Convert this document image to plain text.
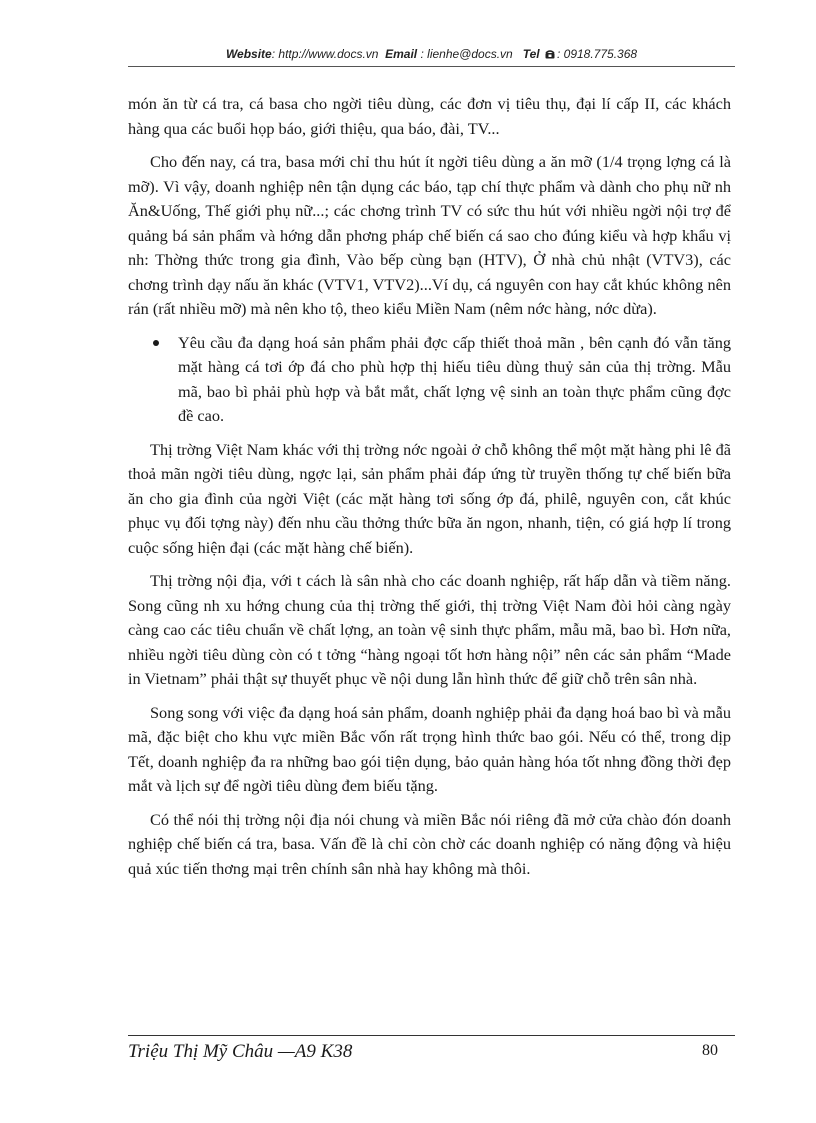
Website: http://www.docs.vn Email : lienhe@docs.vn Tel : 0918.775.368

món ăn từ cá tra, cá basa cho ngời tiêu dùng, các đơn vị tiêu thụ, đại lí cấp II, các khách hàng qua các buổi họp báo, giới thiệu, qua báo, đài, TV...

Cho đến nay, cá tra, basa mới chỉ thu hút ít ngời tiêu dùng a ăn mỡ (1/4 trọng lợng cá là mỡ). Vì vậy, doanh nghiệp nên tận dụng các báo, tạp chí thực phẩm và dành cho phụ nữ nh Ăn&Uống, Thế giới phụ nữ...; các chơng trình TV có sức thu hút với nhiều ngời nội trợ để quảng bá sản phẩm và hớng dẫn phơng pháp chế biến cá sao cho đúng kiểu và hợp khẩu vị nh: Thờng thức trong gia đình, Vào bếp cùng bạn (HTV), Ở nhà chủ nhật (VTV3), các chơng trình dạy nấu ăn khác (VTV1, VTV2)...Ví dụ, cá nguyên con hay cắt khúc không nên rán (rất nhiều mỡ) mà nên kho tộ, theo kiểu Miền Nam (nêm nớc hàng, nớc dừa).

Yêu cầu đa dạng hoá sản phẩm phải đợc cấp thiết thoả mãn , bên cạnh đó vẫn tăng mặt hàng cá tơi ớp đá cho phù hợp thị hiếu tiêu dùng thuỷ sản của thị trờng. Mẫu mã, bao bì phải phù hợp và bắt mắt, chất lợng vệ sinh an toàn thực phẩm cũng đợc đề cao.

Thị trờng Việt Nam khác với thị trờng nớc ngoài ở chỗ không thể một mặt hàng phi lê đã thoả mãn ngời tiêu dùng, ngợc lại, sản phẩm phải đáp ứng từ truyền thống tự chế biến bữa ăn cho gia đình của ngời Việt (các mặt hàng tơi sống ớp đá, philê, nguyên con, cắt khúc phục vụ đối tợng này) đến nhu cầu thởng thức bữa ăn ngon, nhanh, tiện, có giá hợp lí trong cuộc sống hiện đại (các mặt hàng chế biến).

Thị trờng nội địa, với t cách là sân nhà cho các doanh nghiệp, rất hấp dẫn và tiềm năng. Song cũng nh xu hớng chung của thị trờng thế giới, thị trờng Việt Nam đòi hỏi càng ngày càng cao các tiêu chuẩn về chất lợng, an toàn vệ sinh thực phẩm, mẫu mã, bao bì. Hơn nữa, nhiều ngời tiêu dùng còn có t tởng “hàng ngoại tốt hơn hàng nội” nên các sản phẩm “Made in Vietnam” phải thật sự thuyết phục về nội dung lẫn hình thức để giữ chỗ trên sân nhà.

Song song với việc đa dạng hoá sản phẩm, doanh nghiệp phải đa dạng hoá bao bì và mẫu mã, đặc biệt cho khu vực miền Bắc vốn rất trọng hình thức bao gói. Nếu có thể, trong dịp Tết, doanh nghiệp đa ra những bao gói tiện dụng, bảo quản hàng hóa tốt nhng đồng thời đẹp mắt và lịch sự để ngời tiêu dùng đem biếu tặng.

Có thể nói thị trờng nội địa nói chung và miền Bắc nói riêng đã mở cửa chào đón doanh nghiệp chế biến cá tra, basa. Vấn đề là chỉ còn chờ các doanh nghiệp có năng động và hiệu quả xúc tiến thơng mại trên chính sân nhà hay không mà thôi.

Triệu Thị Mỹ Châu —A9 K38	80
